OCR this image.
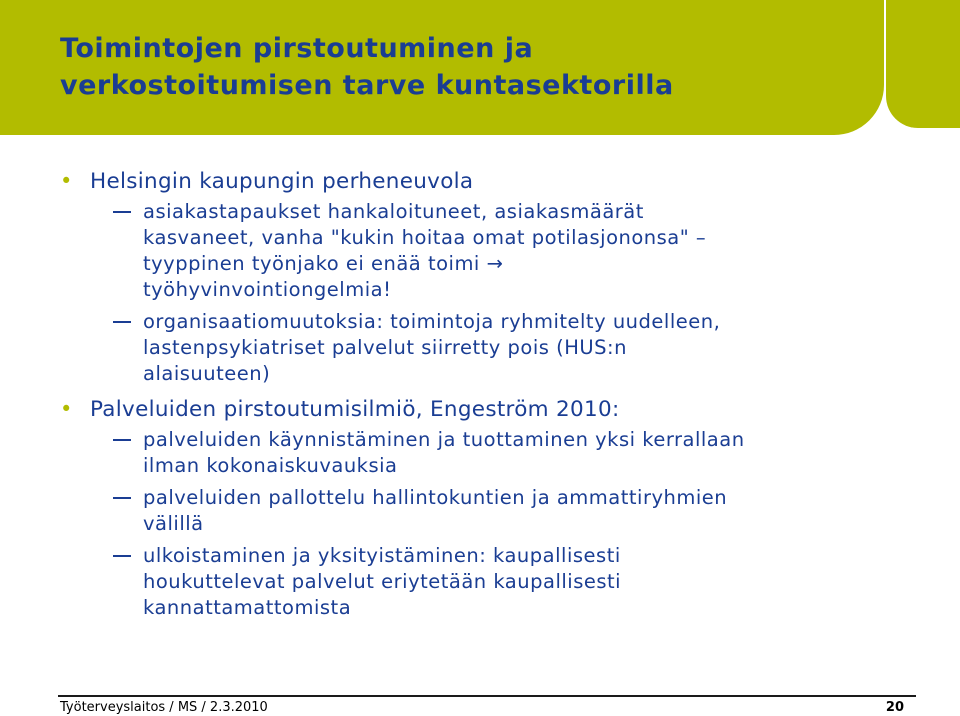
Toimintojen pirstoutuminen ja
verkostoitumisen tarve kuntasektorilla
• Helsingin kaupungin perheneuvola
asiakastapaukset hankaloituneet, asiakasmäärät
kasvaneet, vanha "kukin hoitaa omat potilasjononsa" –
tyyppinen työnjako ei enää toimi →
työhyvinvointiongelmia!
organisaatiomuutoksia: toimintoja ryhmitelty uudelleen,
lastenpsykiatriset palvelut siirretty pois (HUS:n
alaisuuteen)
• Palveluiden pirstoutumisilmiö, Engeström 2010:
palveluiden käynnistäminen ja tuottaminen yksi kerrallaan
ilman kokonaiskuvauksia
palveluiden pallottelu hallintokuntien ja ammattiryhmien
välillä
ulkoistaminen ja yksityistäminen: kaupallisesti
houkuttelevat palvelut eriytetään kaupallisesti
kannattamattomista
Työterveyslaitos / MS / 2.3.2010	20
